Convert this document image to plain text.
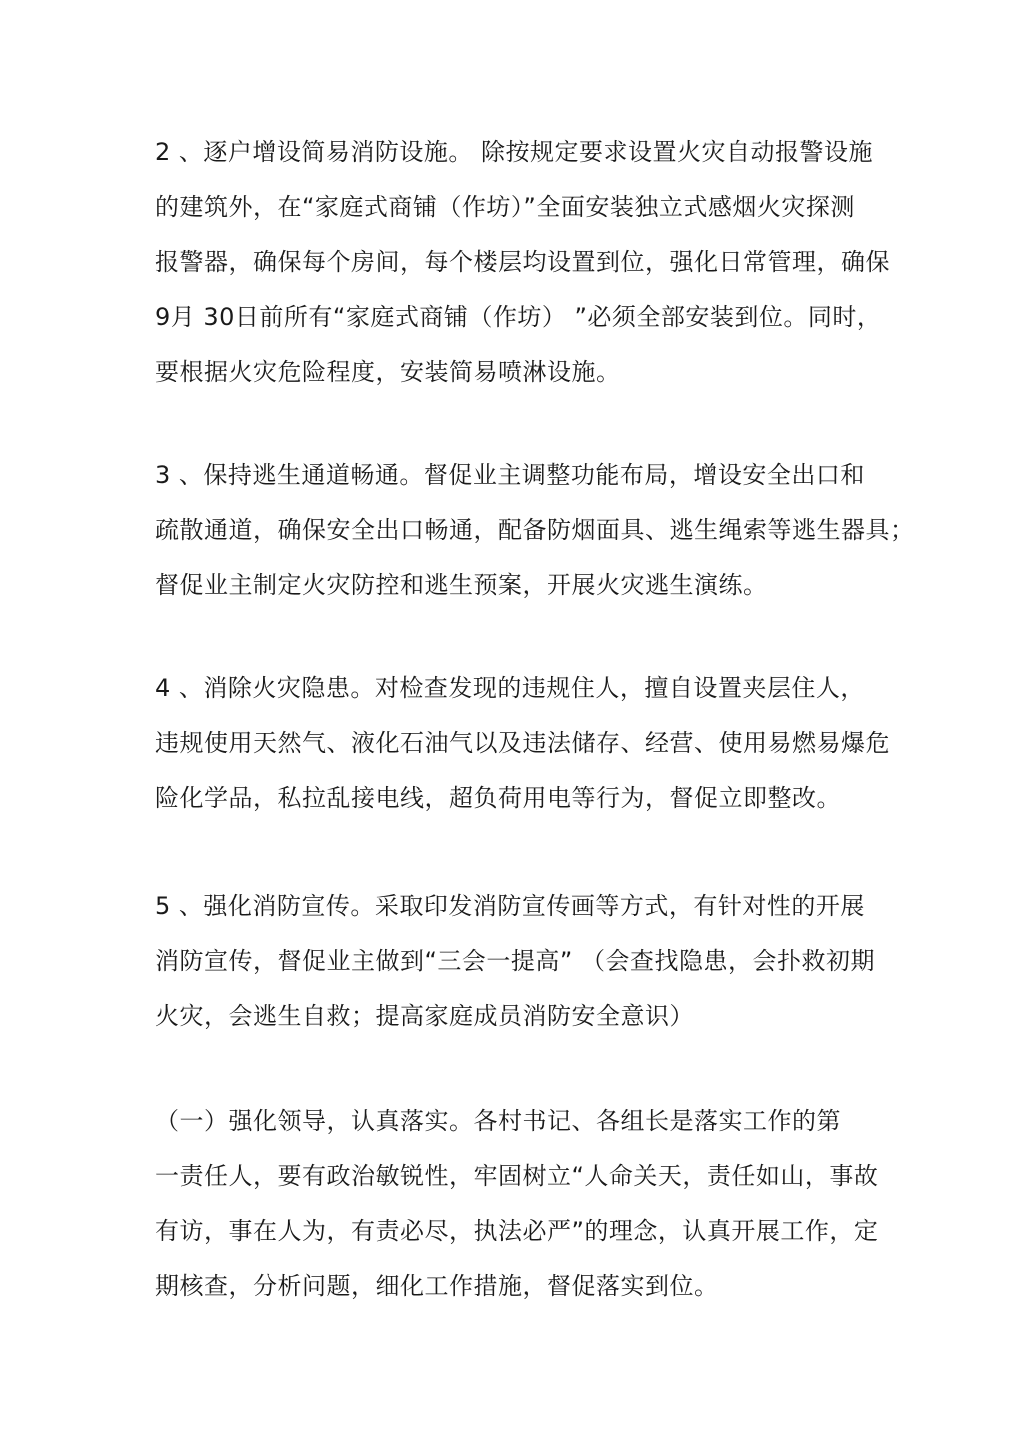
2 、逐户增设简易消防设施。 除按规定要求设置火灾自动报警设施
的建筑外，在“家庭式商铺（作坊）”全面安装独立式感烟火灾探测
报警器，确保每个房间，每个楼层均设置到位，强化日常管理，确保
9月 30日前所有“家庭式商铺（作坊） ”必须全部安装到位。同时，
要根据火灾危险程度，安装简易喷淋设施。
3 、保持逃生通道畅通。督促业主调整功能布局，增设安全出口和
疏散通道，确保安全出口畅通，配备防烟面具、逃生绳索等逃生器具；
督促业主制定火灾防控和逃生预案，开展火灾逃生演练。
4 、消除火灾隐患。对检查发现的违规住人，擅自设置夹层住人，
违规使用天然气、液化石油气以及违法储存、经营、使用易燃易爆危
险化学品，私拉乱接电线，超负荷用电等行为，督促立即整改。
5 、强化消防宣传。采取印发消防宣传画等方式，有针对性的开展
消防宣传，督促业主做到“三会一提高” （会查找隐患，会扑救初期
火灾，会逃生自救；提高家庭成员消防安全意识）
（一）强化领导，认真落实。各村书记、各组长是落实工作的第
一责任人，要有政治敏锐性，牢固树立“人命关天，责任如山，事故
有访，事在人为，有责必尽，执法必严”的理念，认真开展工作，定
期核查，分析问题，细化工作措施，督促落实到位。
